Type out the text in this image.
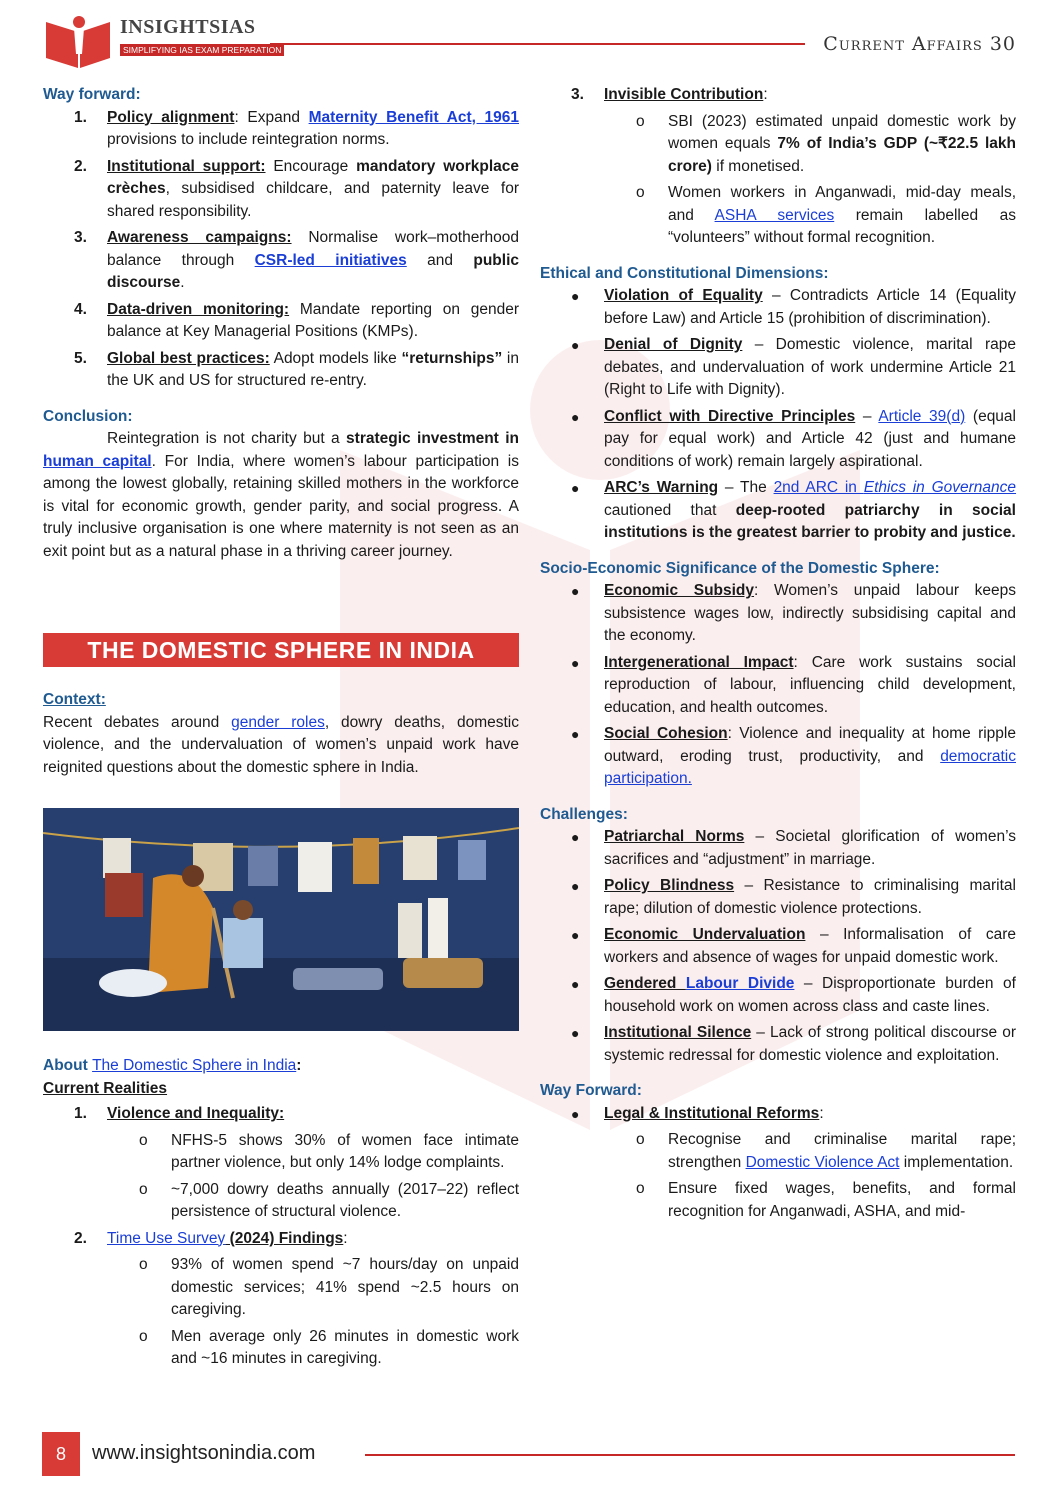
INSIGHTSIAS
SIMPLIFYING IAS EXAM PREPARATION	Current Affairs 30

Way forward:

1. Policy alignment: Expand Maternity Benefit Act, 1961 provisions to include reintegration norms.

2. Institutional support: Encourage mandatory workplace crèches, subsidised childcare, and paternity leave for shared responsibility.

3. Awareness campaigns: Normalise work–motherhood balance through CSR-led initiatives and public discourse.

4. Data-driven monitoring: Mandate reporting on gender balance at Key Managerial Positions (KMPs).

5. Global best practices: Adopt models like “returnships” in the UK and US for structured re-entry.

Conclusion:

Reintegration is not charity but a strategic investment in human capital. For India, where women’s labour participation is among the lowest globally, retaining skilled mothers in the workforce is vital for economic growth, gender parity, and social progress. A truly inclusive organisation is one where maternity is not seen as an exit point but as a natural phase in a thriving career journey.

THE DOMESTIC SPHERE IN INDIA

Context:

Recent debates around gender roles, dowry deaths, domestic violence, and the undervaluation of women’s unpaid work have reignited questions about the domestic sphere in India.

About The Domestic Sphere in India:

Current Realities

1. Violence and Inequality:

o NFHS-5 shows 30% of women face intimate partner violence, but only 14% lodge complaints.

o ~7,000 dowry deaths annually (2017–22) reflect persistence of structural violence.

2. Time Use Survey (2024) Findings:

o 93% of women spend ~7 hours/day on unpaid domestic services; 41% spend ~2.5 hours on caregiving.

o Men average only 26 minutes in domestic work and ~16 minutes in caregiving.

3. Invisible Contribution:

o SBI (2023) estimated unpaid domestic work by women equals 7% of India’s GDP (~₹22.5 lakh crore) if monetised.

o Women workers in Anganwadi, mid-day meals, and ASHA services remain labelled as “volunteers” without formal recognition.

Ethical and Constitutional Dimensions:

● Violation of Equality – Contradicts Article 14 (Equality before Law) and Article 15 (prohibition of discrimination).

● Denial of Dignity – Domestic violence, marital rape debates, and undervaluation of work undermine Article 21 (Right to Life with Dignity).

● Conflict with Directive Principles – Article 39(d) (equal pay for equal work) and Article 42 (just and humane conditions of work) remain largely aspirational.

● ARC’s Warning – The 2nd ARC in Ethics in Governance cautioned that deep-rooted patriarchy in social institutions is the greatest barrier to probity and justice.

Socio-Economic Significance of the Domestic Sphere:

● Economic Subsidy: Women’s unpaid labour keeps subsistence wages low, indirectly subsidising capital and the economy.

● Intergenerational Impact: Care work sustains social reproduction of labour, influencing child development, education, and health outcomes.

● Social Cohesion: Violence and inequality at home ripple outward, eroding trust, productivity, and democratic participation.

Challenges:

● Patriarchal Norms – Societal glorification of women’s sacrifices and “adjustment” in marriage.

● Policy Blindness – Resistance to criminalising marital rape; dilution of domestic violence protections.

● Economic Undervaluation – Informalisation of care workers and absence of wages for unpaid domestic work.

● Gendered Labour Divide – Disproportionate burden of household work on women across class and caste lines.

● Institutional Silence – Lack of strong political discourse or systemic redressal for domestic violence and exploitation.

Way Forward:

● Legal & Institutional Reforms:

o Recognise and criminalise marital rape; strengthen Domestic Violence Act implementation.

o Ensure fixed wages, benefits, and formal recognition for Anganwadi, ASHA, and mid-

8	www.insightsonindia.com
